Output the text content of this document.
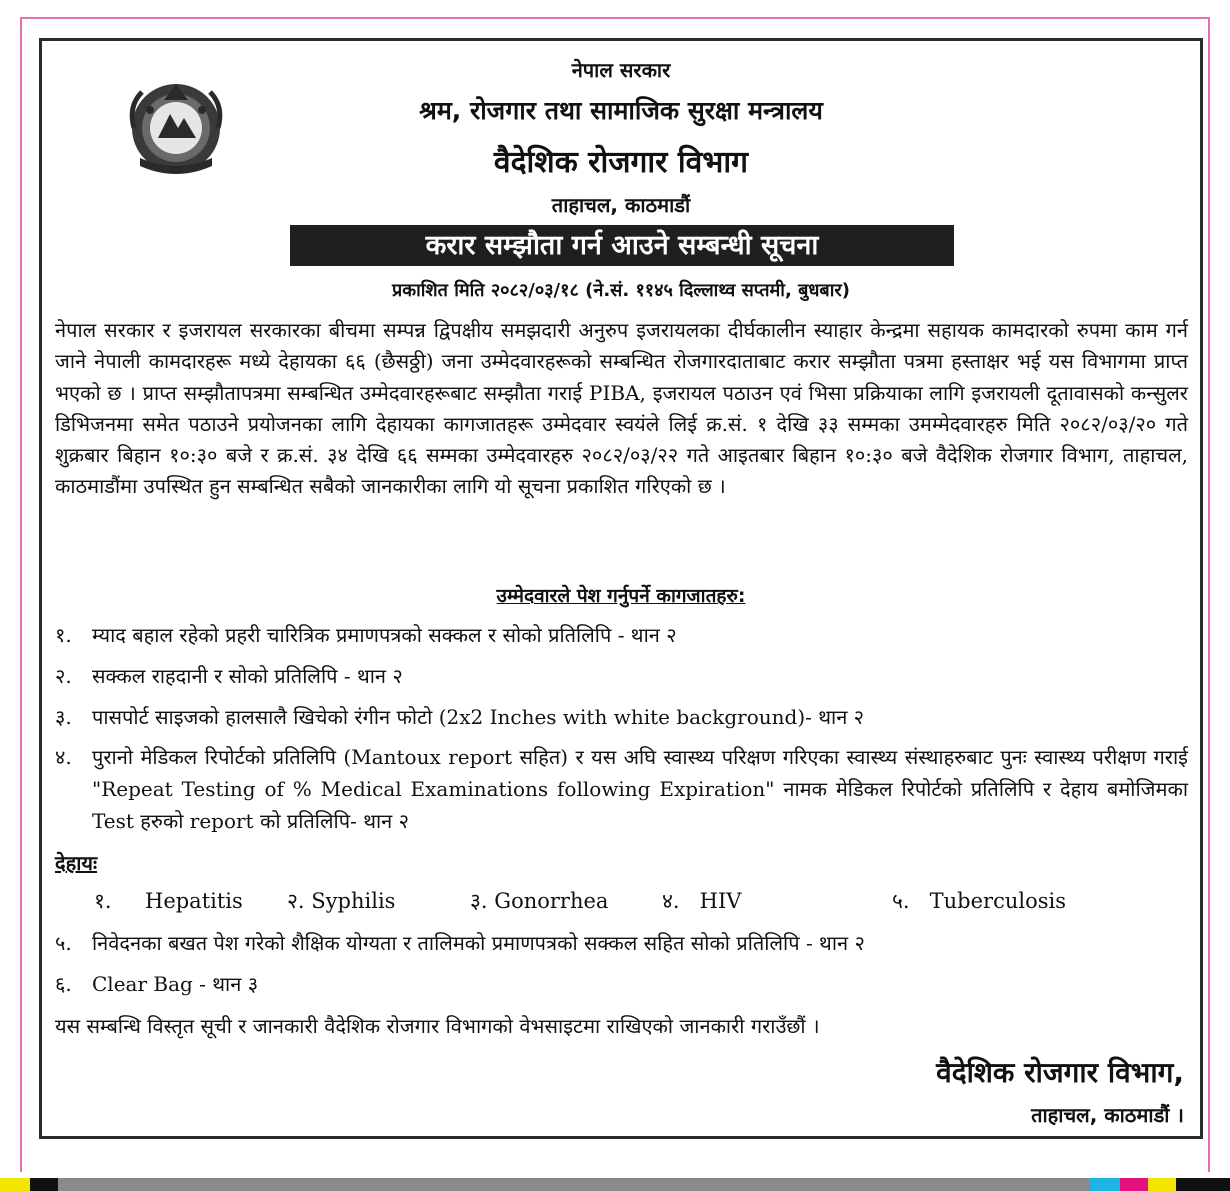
नेपाल सरकार
श्रम, रोजगार तथा सामाजिक सुरक्षा मन्त्रालय
वैदेशिक रोजगार विभाग
ताहाचल, काठमाडौं
करार सम्झौता गर्न आउने सम्बन्धी सूचना
प्रकाशित मिति २०८२/०३/१८ (ने.सं. ११४५ दिल्लाथ्व सप्तमी, बुधबार)
नेपाल सरकार र इजरायल सरकारका बीचमा सम्पन्न द्विपक्षीय समझदारी अनुरुप इजरायलका दीर्घकालीन स्याहार केन्द्रमा सहायक कामदारको रुपमा काम गर्न जाने नेपाली कामदारहरू मध्ये देहायका ६६ (छैसठ्ठी) जना उम्मेदवारहरूको सम्बन्धित रोजगारदाताबाट करार सम्झौता पत्रमा हस्ताक्षर भई यस विभागमा प्राप्त भएको छ । प्राप्त सम्झौतापत्रमा सम्बन्धित उम्मेदवारहरूबाट सम्झौता गराई PIBA, इजरायल पठाउन एवं भिसा प्रक्रियाका लागि इजरायली दूतावासको कन्सुलर डिभिजनमा समेत पठाउने प्रयोजनका लागि देहायका कागजातहरू उम्मेदवार स्वयंले लिई क्र.सं. १ देखि ३३ सम्मका उमम्मेदवारहरु मिति २०८२/०३/२० गते शुक्रबार बिहान १०:३० बजे र क्र.सं. ३४ देखि ६६ सम्मका उम्मेदवारहरु २०८२/०३/२२ गते आइतबार बिहान १०:३० बजे वैदेशिक रोजगार विभाग, ताहाचल, काठमाडौंमा उपस्थित हुन सम्बन्धित सबैको जानकारीका लागि यो सूचना प्रकाशित गरिएको छ ।
उम्मेदवारले पेश गर्नुपर्ने कागजातहरु:
१. म्याद बहाल रहेको प्रहरी चारित्रिक प्रमाणपत्रको सक्कल र सोको प्रतिलिपि - थान २
२. सक्कल राहदानी र सोको प्रतिलिपि - थान २
३. पासपोर्ट साइजको हालसालै खिचेको रंगीन फोटो (2x2 Inches with white background)- थान २
४.	पुरानो मेडिकल रिपोर्टको प्रतिलिपि (Mantoux report सहित) र यस अघि स्वास्थ्य परिक्षण गरिएका स्वास्थ्य संस्थाहरुबाट पुनः स्वास्थ्य परीक्षण गराई "Repeat Testing of % Medical Examinations following Expiration" नामक मेडिकल रिपोर्टको प्रतिलिपि र देहाय बमोजिमका Test हरुको report को प्रतिलिपि- थान २
देहायः
१. Hepatitis २. Syphilis	३. Gonorrhea	४. HIV	५. Tuberculosis
५. निवेदनका बखत पेश गरेको शैक्षिक योग्यता र तालिमको प्रमाणपत्रको सक्कल सहित सोको प्रतिलिपि - थान २
६. Clear Bag - थान ३
यस सम्बन्धि विस्तृत सूची र जानकारी वैदेशिक रोजगार विभागको वेभसाइटमा राखिएको जानकारी गराउँछौं ।
वैदेशिक रोजगार विभाग,
ताहाचल, काठमाडौं ।
